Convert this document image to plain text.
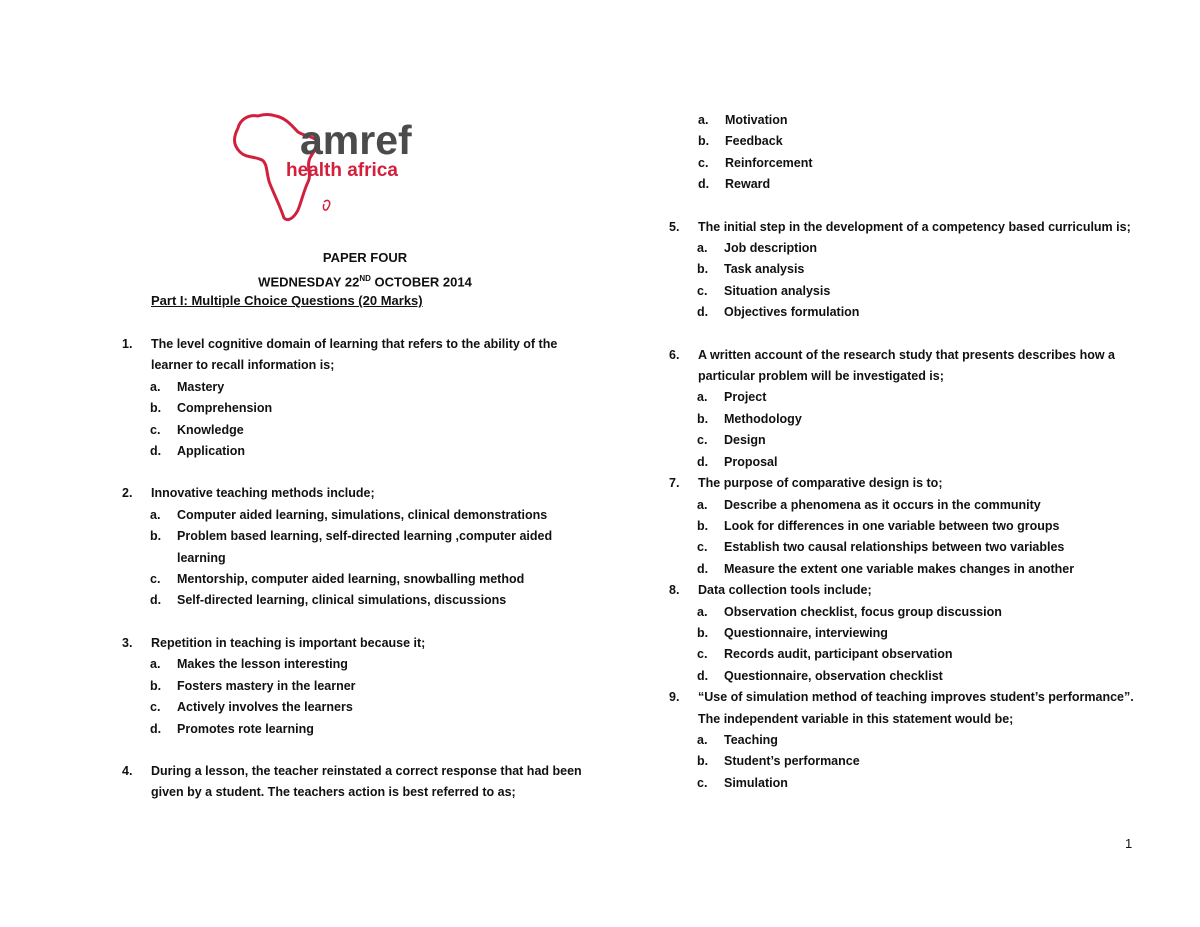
amref
health africa
PAPER FOUR
WEDNESDAY 22ND OCTOBER 2014
Part I: Multiple Choice Questions (20 Marks)
1.	The level cognitive domain of learning that refers to the ability of the learner to recall information is;
a. Mastery
b. Comprehension
c. Knowledge
d. Application
2.	Innovative teaching methods include;
a. Computer aided learning, simulations, clinical demonstrations
b. Problem based learning, self-directed learning ,computer aided learning
c. Mentorship, computer aided learning, snowballing method
d. Self-directed learning, clinical simulations, discussions
3.	Repetition in teaching is important because it;
a. Makes the lesson interesting
b. Fosters mastery in the learner
c. Actively involves the learners
d. Promotes rote learning
4.	During a lesson, the teacher reinstated a correct response that had been given by a student. The teachers action is best referred to as;
a. Motivation
b. Feedback
c. Reinforcement
d. Reward
5.	The initial step in the development of a competency based curriculum is;
a. Job description
b. Task analysis
c. Situation analysis
d. Objectives formulation
6.	A written account of the research study that presents describes how a particular problem will be investigated is;
a. Project
b. Methodology
c. Design
d. Proposal
7.	The purpose of comparative design is to;
a. Describe a phenomena as it occurs in the community
b. Look for differences in one variable between two groups
c. Establish two causal relationships between two variables
d. Measure the extent one variable makes changes in another
8.	Data collection tools include;
a. Observation checklist, focus group discussion
b. Questionnaire, interviewing
c. Records audit, participant observation
d. Questionnaire, observation checklist
9.	“Use of simulation method of teaching improves student’s performance”. The independent variable in this statement would be;
a. Teaching
b. Student’s performance
c. Simulation
1
